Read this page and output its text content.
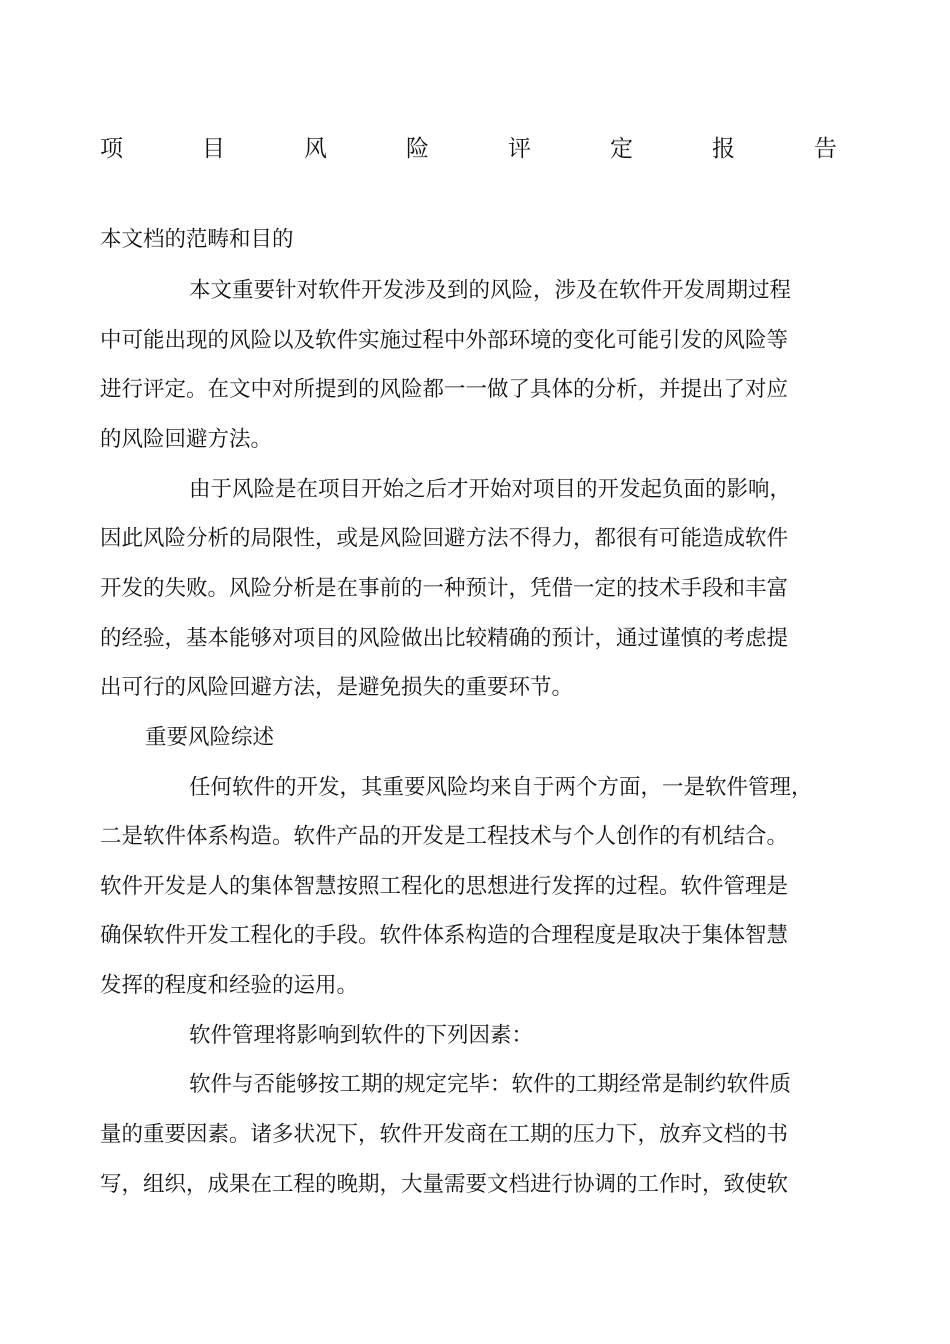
项	目	风	险	评	定	报	告
本文档的范畴和目的
本文重要针对软件开发涉及到的风险，涉及在软件开发周期过程
中可能出现的风险以及软件实施过程中外部环境的变化可能引发的风险等
进行评定。在文中对所提到的风险都一一做了具体的分析，并提出了对应
的风险回避方法。
由于风险是在项目开始之后才开始对项目的开发起负面的影响，
因此风险分析的局限性，或是风险回避方法不得力，都很有可能造成软件
开发的失败。风险分析是在事前的一种预计，凭借一定的技术手段和丰富
的经验，基本能够对项目的风险做出比较精确的预计，通过谨慎的考虑提
出可行的风险回避方法，是避免损失的重要环节。
重要风险综述
任何软件的开发，其重要风险均来自于两个方面，一是软件管理，
二是软件体系构造。软件产品的开发是工程技术与个人创作的有机结合。
软件开发是人的集体智慧按照工程化的思想进行发挥的过程。软件管理是
确保软件开发工程化的手段。软件体系构造的合理程度是取决于集体智慧
发挥的程度和经验的运用。
软件管理将影响到软件的下列因素：
软件与否能够按工期的规定完毕：软件的工期经常是制约软件质
量的重要因素。诸多状况下，软件开发商在工期的压力下，放弃文档的书
写，组织，成果在工程的晚期，大量需要文档进行协调的工作时，致使软
